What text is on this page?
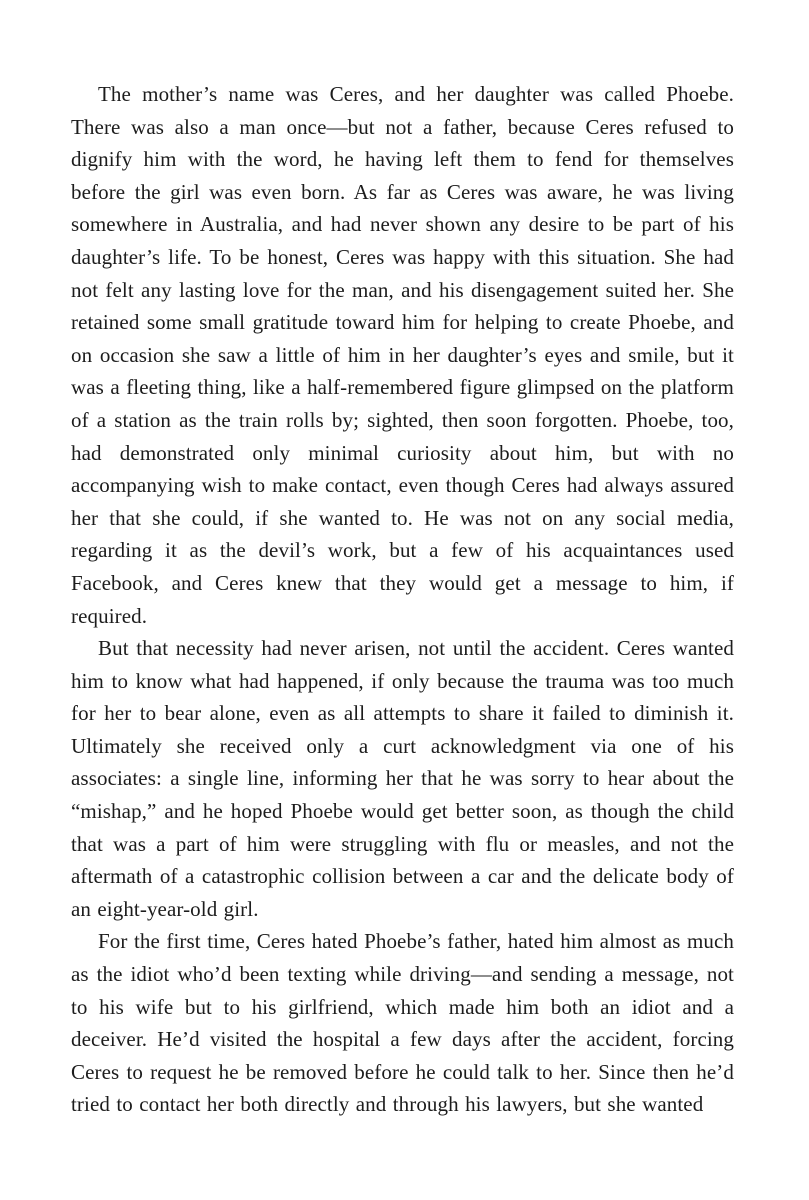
The mother’s name was Ceres, and her daughter was called Phoebe. There was also a man once—but not a father, because Ceres refused to dignify him with the word, he having left them to fend for themselves before the girl was even born. As far as Ceres was aware, he was living somewhere in Australia, and had never shown any desire to be part of his daughter’s life. To be honest, Ceres was happy with this situation. She had not felt any lasting love for the man, and his disengagement suited her. She retained some small gratitude toward him for helping to create Phoebe, and on occasion she saw a little of him in her daughter’s eyes and smile, but it was a fleeting thing, like a half-remembered figure glimpsed on the platform of a station as the train rolls by; sighted, then soon forgotten. Phoebe, too, had demonstrated only minimal curiosity about him, but with no accompanying wish to make contact, even though Ceres had always assured her that she could, if she wanted to. He was not on any social media, regarding it as the devil’s work, but a few of his acquaintances used Facebook, and Ceres knew that they would get a message to him, if required.

But that necessity had never arisen, not until the accident. Ceres wanted him to know what had happened, if only because the trauma was too much for her to bear alone, even as all attempts to share it failed to diminish it. Ultimately she received only a curt acknowledgment via one of his associates: a single line, informing her that he was sorry to hear about the “mishap,” and he hoped Phoebe would get better soon, as though the child that was a part of him were struggling with flu or measles, and not the aftermath of a catastrophic collision between a car and the delicate body of an eight-year-old girl.

For the first time, Ceres hated Phoebe’s father, hated him almost as much as the idiot who’d been texting while driving—and sending a message, not to his wife but to his girlfriend, which made him both an idiot and a deceiver. He’d visited the hospital a few days after the accident, forcing Ceres to request he be removed before he could talk to her. Since then he’d tried to contact her both directly and through his lawyers, but she wanted
